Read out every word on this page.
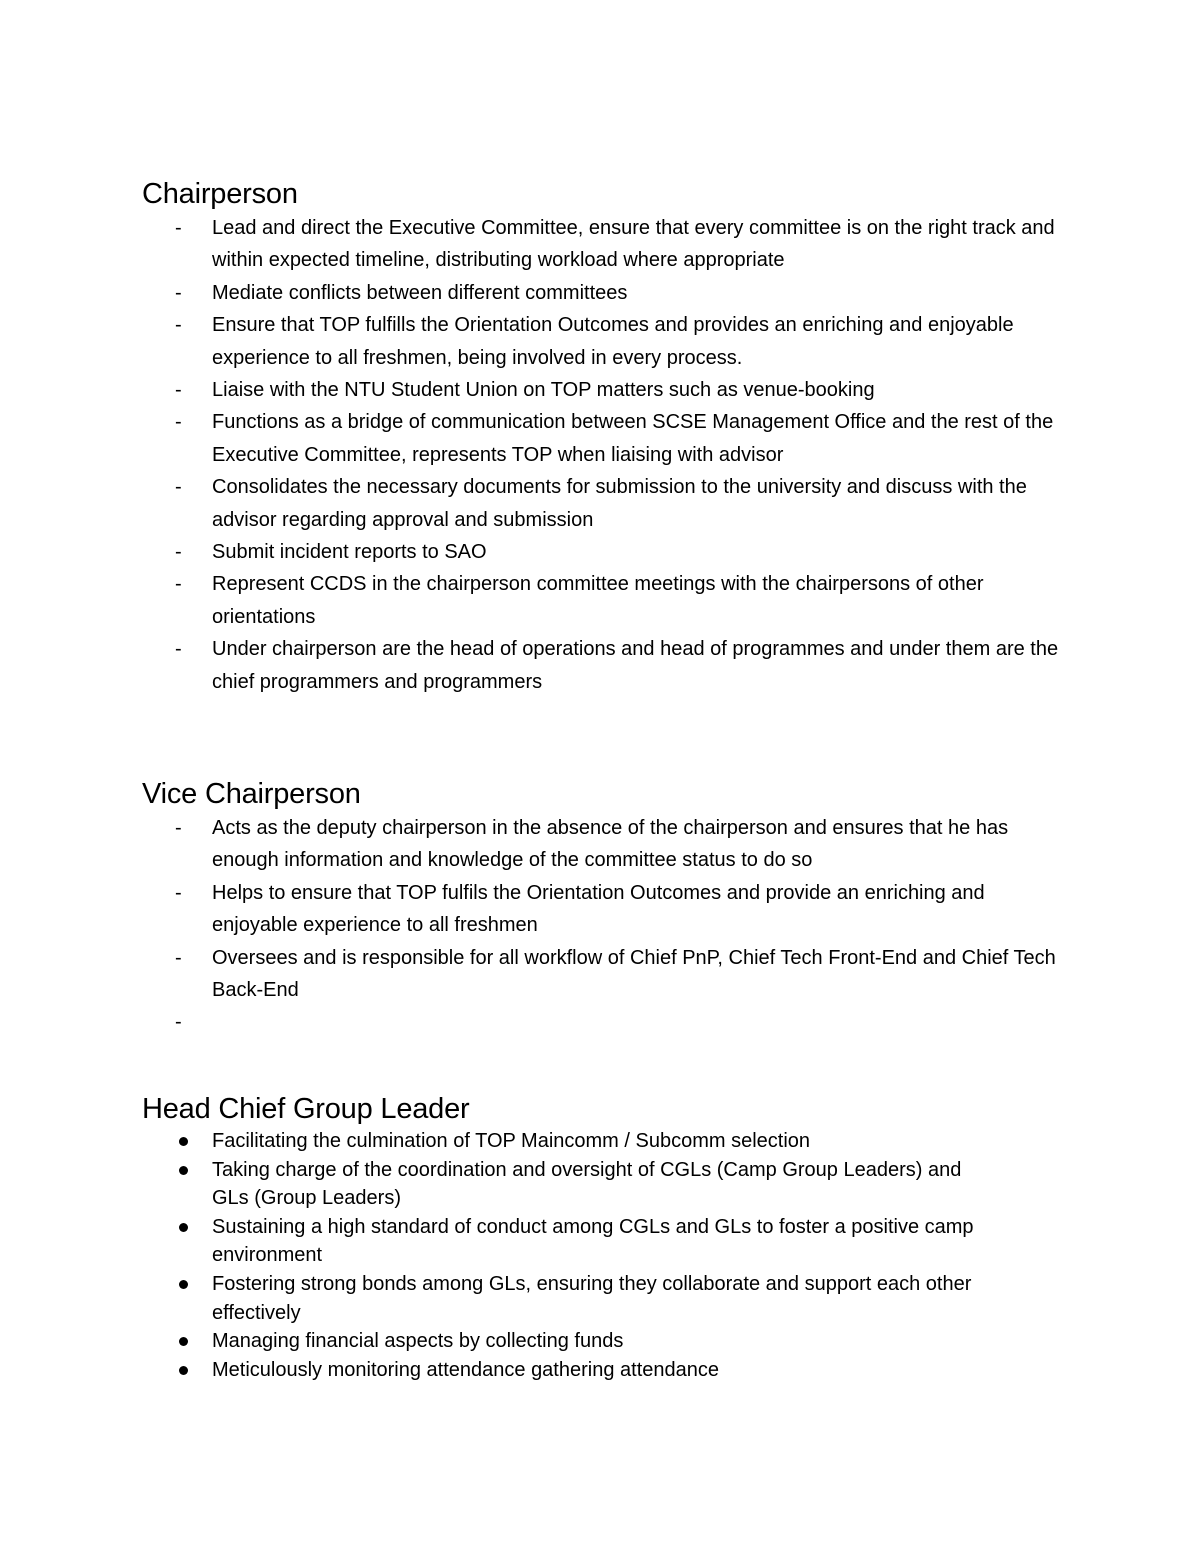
Chairperson
-	Lead and direct the Executive Committee, ensure that every committee is on the right track and within expected timeline, distributing workload where appropriate
-	Mediate conflicts between different committees
-	Ensure that TOP fulfills the Orientation Outcomes and provides an enriching and enjoyable experience to all freshmen, being involved in every process.
-	Liaise with the NTU Student Union on TOP matters such as venue-booking
-	Functions as a bridge of communication between SCSE Management Office and the rest of the Executive Committee, represents TOP when liaising with advisor
-	Consolidates the necessary documents for submission to the university and discuss with the advisor regarding approval and submission
-	Submit incident reports to SAO
-	Represent CCDS in the chairperson committee meetings with the chairpersons of other orientations
-	Under chairperson are the head of operations and head of programmes and under them are the chief programmers and programmers
Vice Chairperson
-	Acts as the deputy chairperson in the absence of the chairperson and ensures that he has enough information and knowledge of the committee status to do so
-	Helps to ensure that TOP fulfils the Orientation Outcomes and provide an enriching and enjoyable experience to all freshmen
-	Oversees and is responsible for all workflow of Chief PnP, Chief Tech Front-End and Chief Tech Back-End
-
Head Chief Group Leader
Facilitating the culmination of TOP Maincomm / Subcomm selection
Taking charge of the coordination and oversight of CGLs (Camp Group Leaders) and GLs (Group Leaders)
Sustaining a high standard of conduct among CGLs and GLs to foster a positive camp environment
Fostering strong bonds among GLs, ensuring they collaborate and support each other effectively
Managing financial aspects by collecting funds
Meticulously monitoring attendance gathering attendance
